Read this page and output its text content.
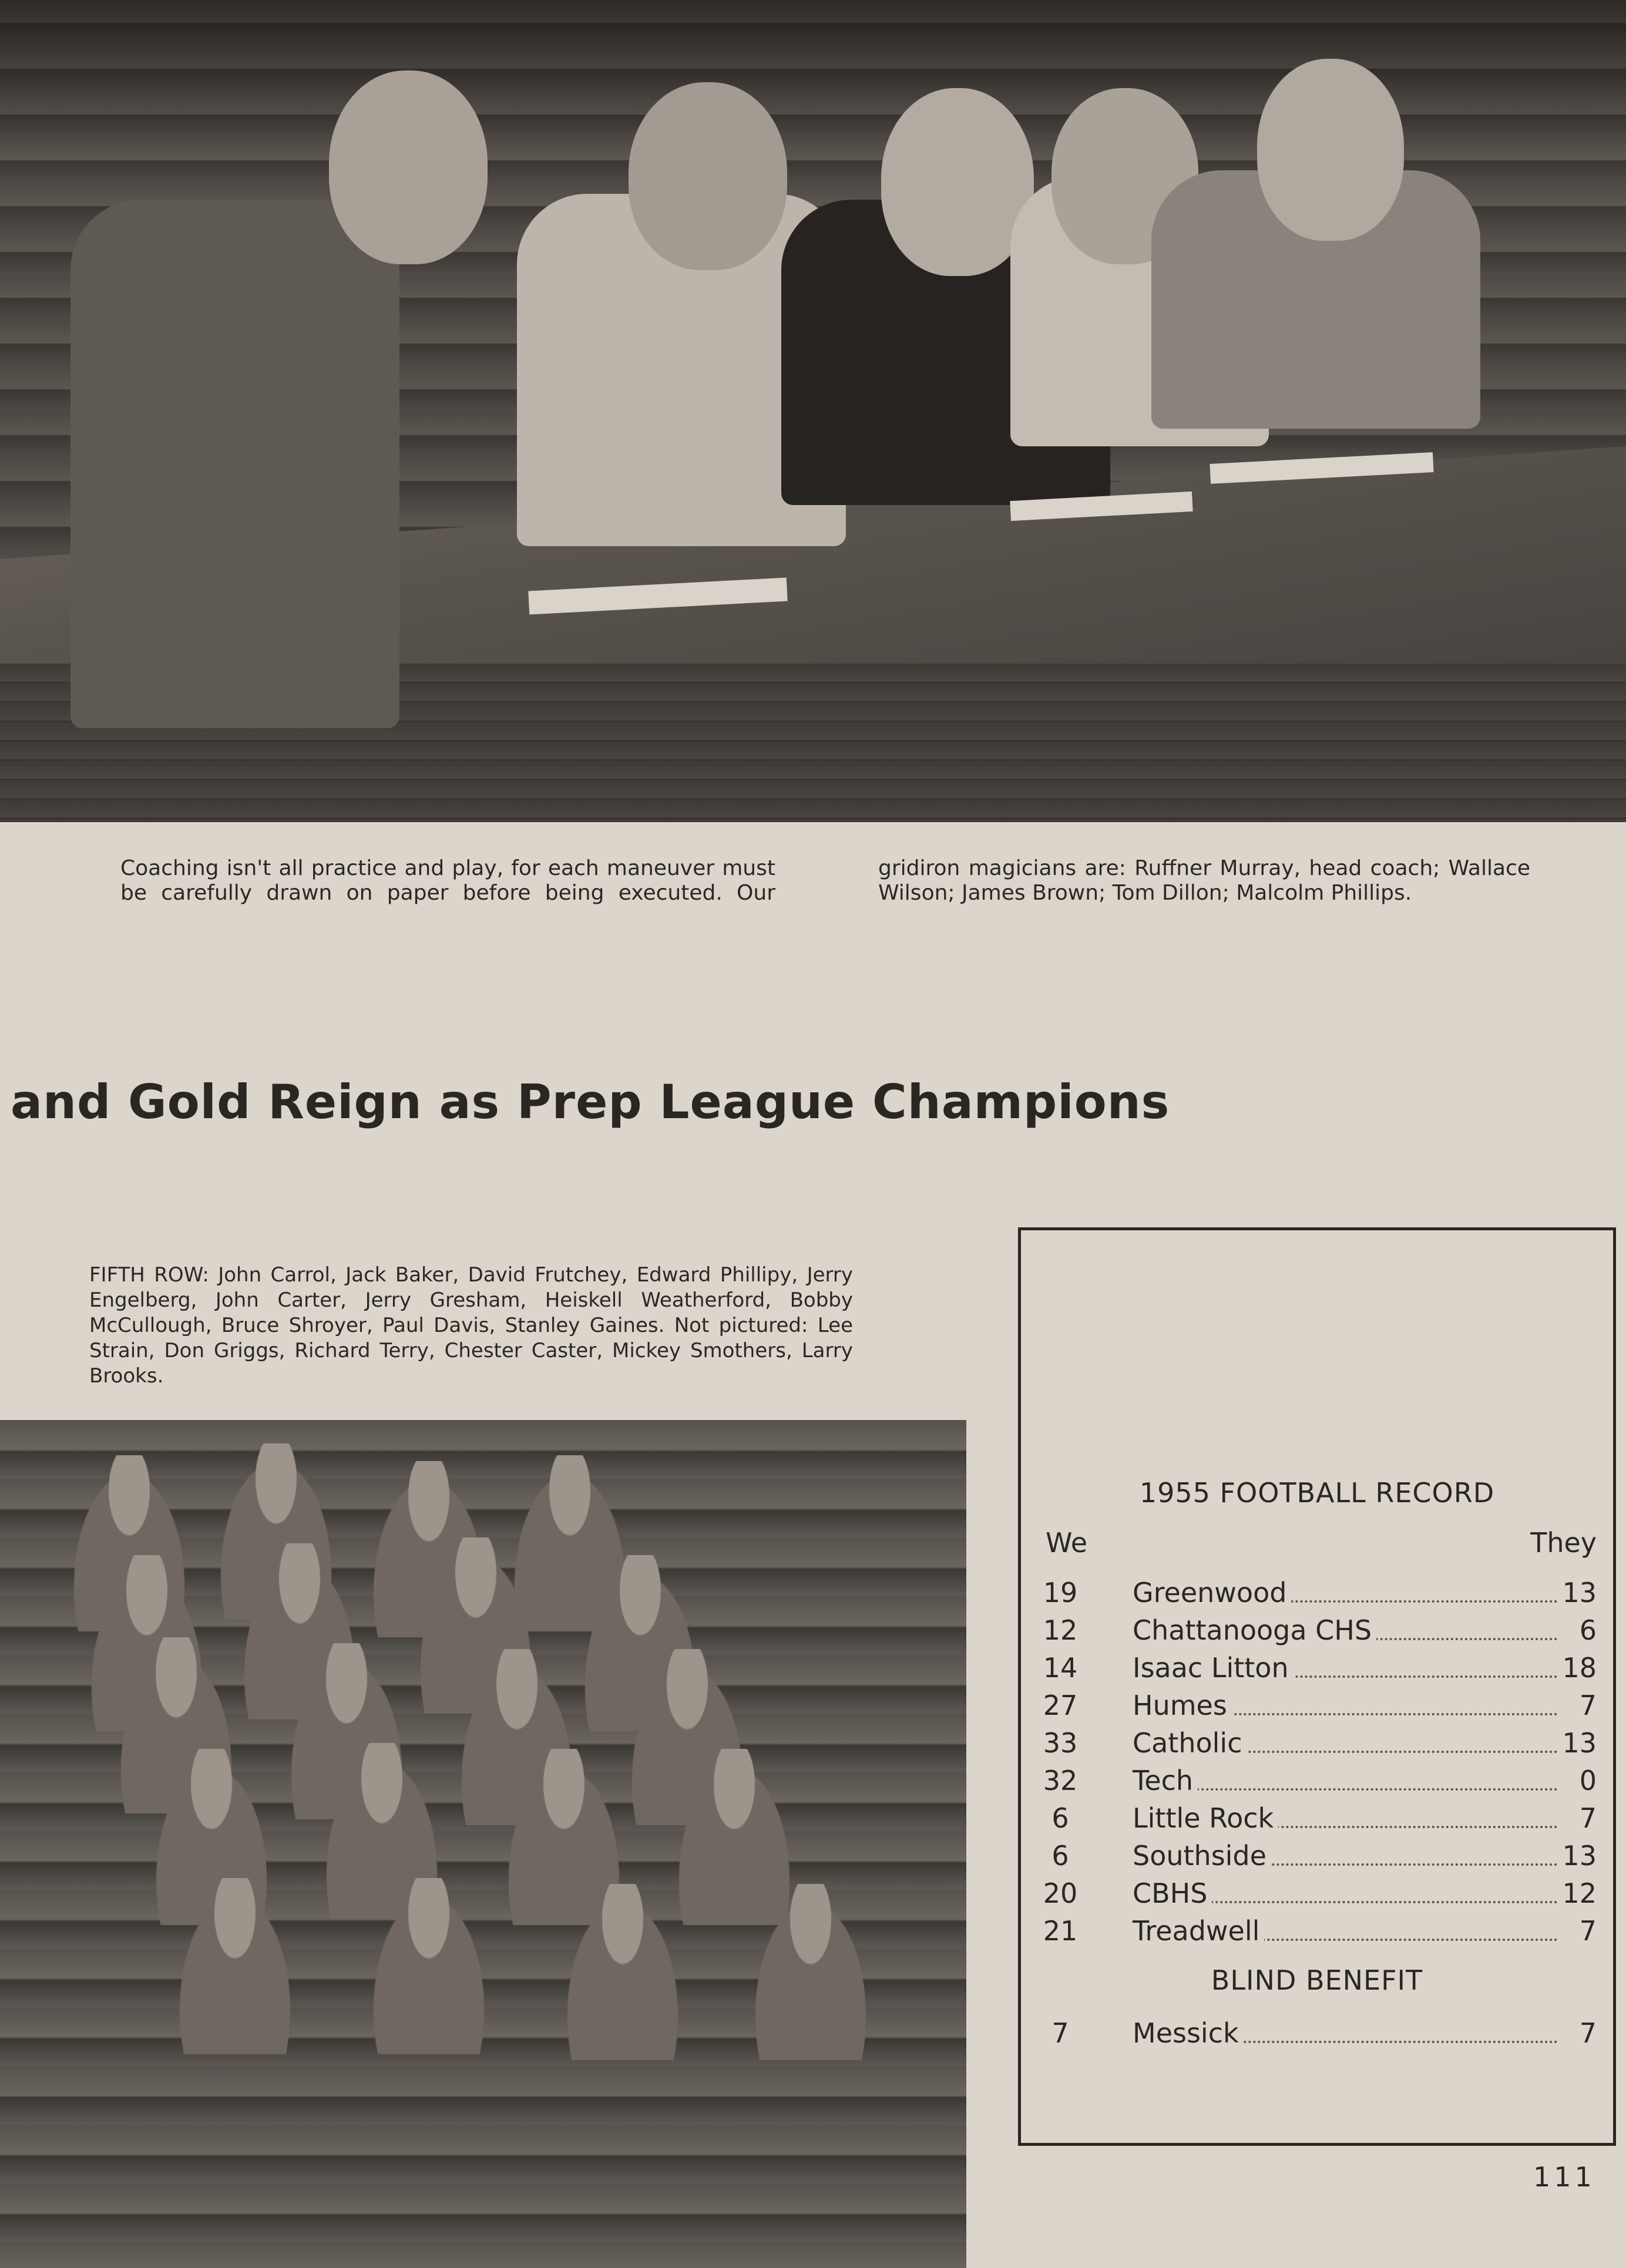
Coaching isn't all practice and play, for each maneuver must be carefully drawn on paper before being executed. Our
gridiron magicians are: Ruffner Murray, head coach; Wallace Wilson; James Brown; Tom Dillon; Malcolm Phillips.
and Gold Reign as Prep League Champions
FIFTH ROW: John Carrol, Jack Baker, David Frutchey, Edward Phillipy, Jerry Engelberg, John Carter, Jerry Gresham, Heiskell Weatherford, Bobby McCullough, Bruce Shroyer, Paul Davis, Stanley Gaines. Not pictured: Lee Strain, Don Griggs, Richard Terry, Chester Caster, Mickey Smothers, Larry Brooks.
1955 FOOTBALL RECORD
We	They
19 Greenwood	13
12 Chattanooga CHS	6
14 Isaac Litton	18
27 Humes	7
33 Catholic	13
32 Tech	0
6	Little Rock	7
6	Southside	13
20 CBHS	12
21 Treadwell	7
BLIND BENEFIT
7	Messick	7
111
